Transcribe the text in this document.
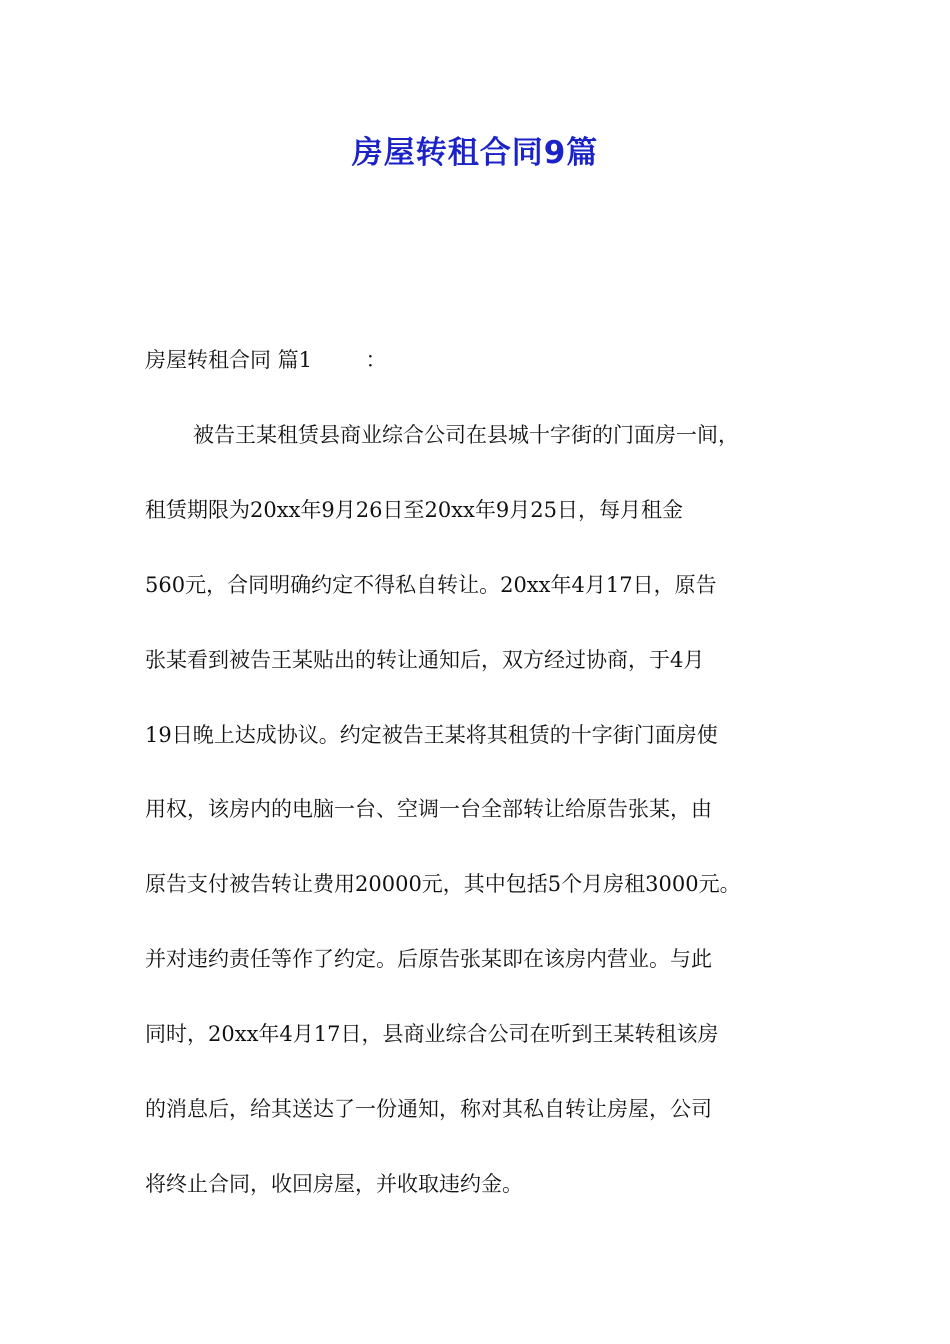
房屋转租合同9篇
房屋转租合同 篇1        ：
被告王某租赁县商业综合公司在县城十字街的门面房一间，
租赁期限为20xx年9月26日至20xx年9月25日，每月租金
560元，合同明确约定不得私自转让。20xx年4月17日，原告
张某看到被告王某贴出的转让通知后，双方经过协商，于4月
19日晚上达成协议。约定被告王某将其租赁的十字街门面房使
用权，该房内的电脑一台、空调一台全部转让给原告张某，由
原告支付被告转让费用20000元，其中包括5个月房租3000元。
并对违约责任等作了约定。后原告张某即在该房内营业。与此
同时，20xx年4月17日，县商业综合公司在听到王某转租该房
的消息后，给其送达了一份通知，称对其私自转让房屋，公司
将终止合同，收回房屋，并收取违约金。
